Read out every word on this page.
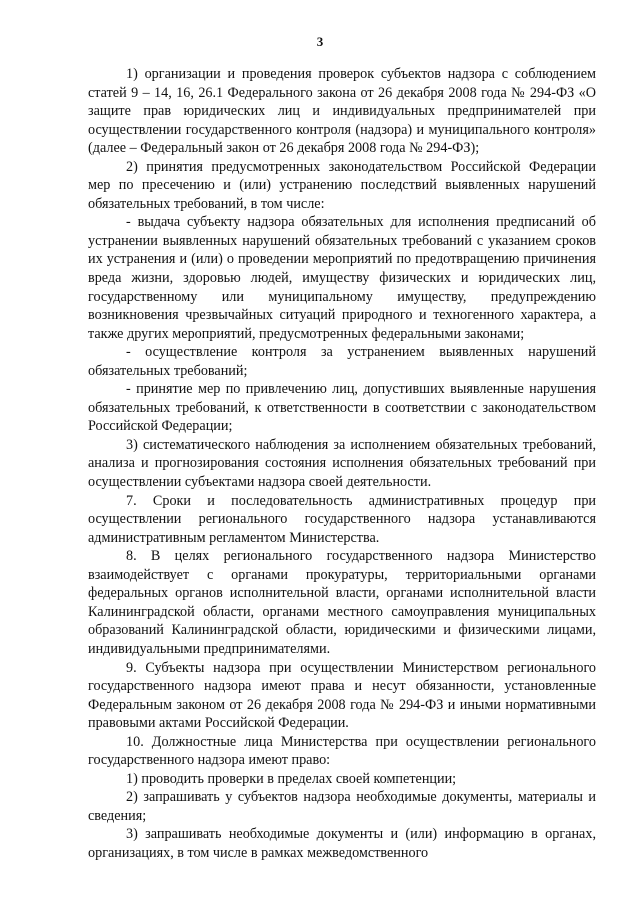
3

1) организации и проведения проверок субъектов надзора с соблюдением статей 9 – 14, 16, 26.1 Федерального закона от 26 декабря 2008 года № 294-ФЗ «О защите прав юридических лиц и индивидуальных предпринимателей при осуществлении государственного контроля (надзора) и муниципального контроля» (далее – Федеральный закон от 26 декабря 2008 года № 294-ФЗ);

2) принятия предусмотренных законодательством Российской Федерации мер по пресечению и (или) устранению последствий выявленных нарушений обязательных требований, в том числе:

- выдача субъекту надзора обязательных для исполнения предписаний об устранении выявленных нарушений обязательных требований с указанием сроков их устранения и (или) о проведении мероприятий по предотвращению причинения вреда жизни, здоровью людей, имуществу физических и юридических лиц, государственному или муниципальному имуществу, предупреждению возникновения чрезвычайных ситуаций природного и техногенного характера, а также других мероприятий, предусмотренных федеральными законами;

- осуществление контроля за устранением выявленных нарушений обязательных требований;

- принятие мер по привлечению лиц, допустивших выявленные нарушения обязательных требований, к ответственности в соответствии с законодательством Российской Федерации;

3) систематического наблюдения за исполнением обязательных требований, анализа и прогнозирования состояния исполнения обязательных требований при осуществлении субъектами надзора своей деятельности.

7. Сроки и последовательность административных процедур при осуществлении регионального государственного надзора устанавливаются административным регламентом Министерства.

8. В целях регионального государственного надзора Министерство взаимодействует с органами прокуратуры, территориальными органами федеральных органов исполнительной власти, органами исполнительной власти Калининградской области, органами местного самоуправления муниципальных образований Калининградской области, юридическими и физическими лицами, индивидуальными предпринимателями.

9. Субъекты надзора при осуществлении Министерством регионального государственного надзора имеют права и несут обязанности, установленные Федеральным законом от 26 декабря 2008 года № 294-ФЗ и иными нормативными правовыми актами Российской Федерации.

10. Должностные лица Министерства при осуществлении регионального государственного надзора имеют право:

1) проводить проверки в пределах своей компетенции;

2) запрашивать у субъектов надзора необходимые документы, материалы и сведения;

3) запрашивать необходимые документы и (или) информацию в органах, организациях, в том числе в рамках межведомственного
